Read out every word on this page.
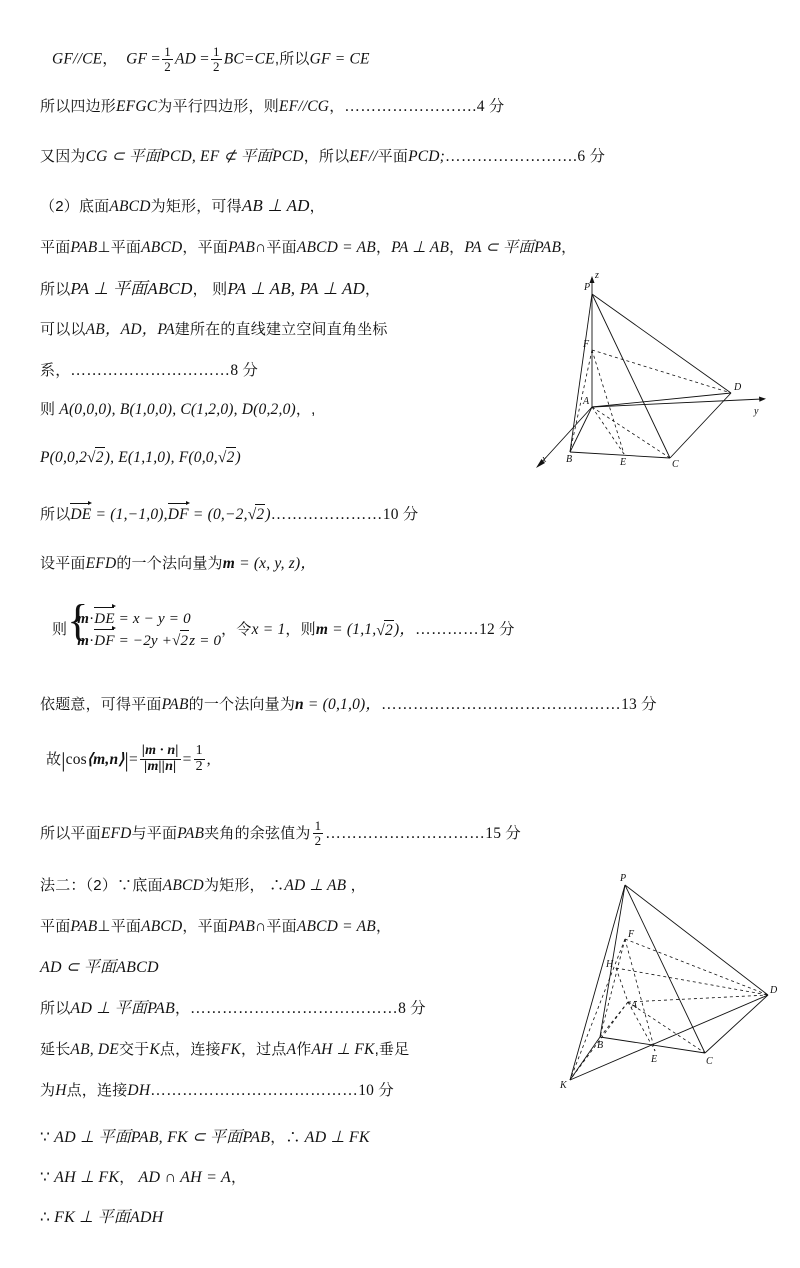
GF//CE， GF = $\frac{1}{2}$ AD = $\frac{1}{2} BC=CE$,所以GF = CE
所以四边形EFGC为平行四边形，则EF//CG，…………………….4 分
又因为CG ⊂ 平面PCD, EF ⊄ 平面PCD，所以EF//平面PCD;…………………….6 分
（2）底面ABCD为矩形，可得AB ⊥ AD，
平面PAB⊥平面ABCD，平面PAB∩平面ABCD = AB，PA ⊥ AB，PA ⊂ 平面PAB，
所以PA ⊥ 平面ABCD， 则PA ⊥ AB, PA ⊥ AD，
可以以AB，AD，PA建所在的直线建立空间直角坐标
系，…………………………8 分
则 A(0,0,0), B(1,0,0), C(1,2,0), D(0,2,0)，,
P(0,0,2√2), E(1,1,0), F(0,0,√2)
所以
DE = (1,−1,0),
DF = (0,−2,√2)…………………10 分
设平面EFD的一个法向量为m = (x, y, z)，
则{
m·
DE = x − y = 0
m·
DF = −2y +√2z = 0
，令x = 1，则m = (1,1,√2)，…………12 分
依题意，可得平面PAB的一个法向量为n = (0,1,0)，………………………………………13 分
故|cos⟨m,n⟩|= $\frac{|m \cdot n|}{|m||n|} = \frac{1}{2}$ ,
所以平面EFD与平面PAB夹角的余弦值为 $\frac{1}{2}$ …………………………15 分
法二：（2）∵底面ABCD为矩形， ∴AD ⊥ AB ，
平面PAB⊥平面ABCD，平面PAB∩平面ABCD = AB，
AD ⊂ 平面ABCD
所以AD ⊥ 平面PAB，…………………………………8 分
延长AB, DE交于K点，连接FK，过点A作AH ⊥ FK,垂足
为H点，连接DH…………………………………10 分
∵ AD ⊥ 平面PAB, FK ⊂ 平面PAB，∴ AD ⊥ FK
∵ AH ⊥ FK， AD ∩ AH = A，
∴ FK ⊥ 平面ADH
z
y
x
P
F
D
A
B	E	C
P
F
H
D
A
K
B
E	C
